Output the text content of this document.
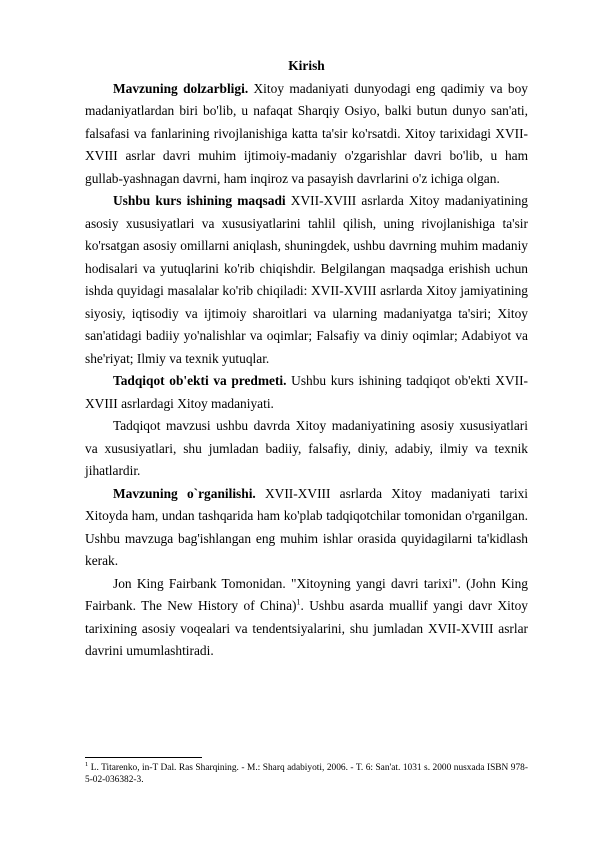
Kirish

Mavzuning dolzarbligi. Xitoy madaniyati dunyodagi eng qadimiy va boy madaniyatlardan biri bo'lib, u nafaqat Sharqiy Osiyo, balki butun dunyo san'ati, falsafasi va fanlarining rivojlanishiga katta ta'sir ko'rsatdi. Xitoy tarixidagi XVII-XVIII asrlar davri muhim ijtimoiy-madaniy o'zgarishlar davri bo'lib, u ham gullab-yashnagan davrni, ham inqiroz va pasayish davrlarini o'z ichiga olgan.

Ushbu kurs ishining maqsadi XVII-XVIII asrlarda Xitoy madaniyatining asosiy xususiyatlari va xususiyatlarini tahlil qilish, uning rivojlanishiga ta'sir ko'rsatgan asosiy omillarni aniqlash, shuningdek, ushbu davrning muhim madaniy hodisalari va yutuqlarini ko'rib chiqishdir. Belgilangan maqsadga erishish uchun ishda quyidagi masalalar ko'rib chiqiladi: XVII-XVIII asrlarda Xitoy jamiyatining siyosiy, iqtisodiy va ijtimoiy sharoitlari va ularning madaniyatga ta'siri; Xitoy san'atidagi badiiy yo'nalishlar va oqimlar; Falsafiy va diniy oqimlar; Adabiyot va she'riyat; Ilmiy va texnik yutuqlar.

Tadqiqot ob'ekti va predmeti. Ushbu kurs ishining tadqiqot ob'ekti XVII-XVIII asrlardagi Xitoy madaniyati.

Tadqiqot mavzusi ushbu davrda Xitoy madaniyatining asosiy xususiyatlari va xususiyatlari, shu jumladan badiiy, falsafiy, diniy, adabiy, ilmiy va texnik jihatlardir.

Mavzuning o`rganilishi. XVII-XVIII asrlarda Xitoy madaniyati tarixi Xitoyda ham, undan tashqarida ham ko'plab tadqiqotchilar tomonidan o'rganilgan. Ushbu mavzuga bag'ishlangan eng muhim ishlar orasida quyidagilarni ta'kidlash kerak.

Jon King Fairbank Tomonidan. "Xitoyning yangi davri tarixi". (John King Fairbank. The New History of China)$^1$. Ushbu asarda muallif yangi davr Xitoy tarixining asosiy voqealari va tendentsiyalarini, shu jumladan XVII-XVIII asrlar davrini umumlashtiradi.

$^1$ L. Titarenko, in-T Dal. Ras Sharqining. - M.: Sharq adabiyoti, 2006. - T. 6: San'at. 1031 s. 2000 nusxada ISBN 978-5-02-036382-3.
